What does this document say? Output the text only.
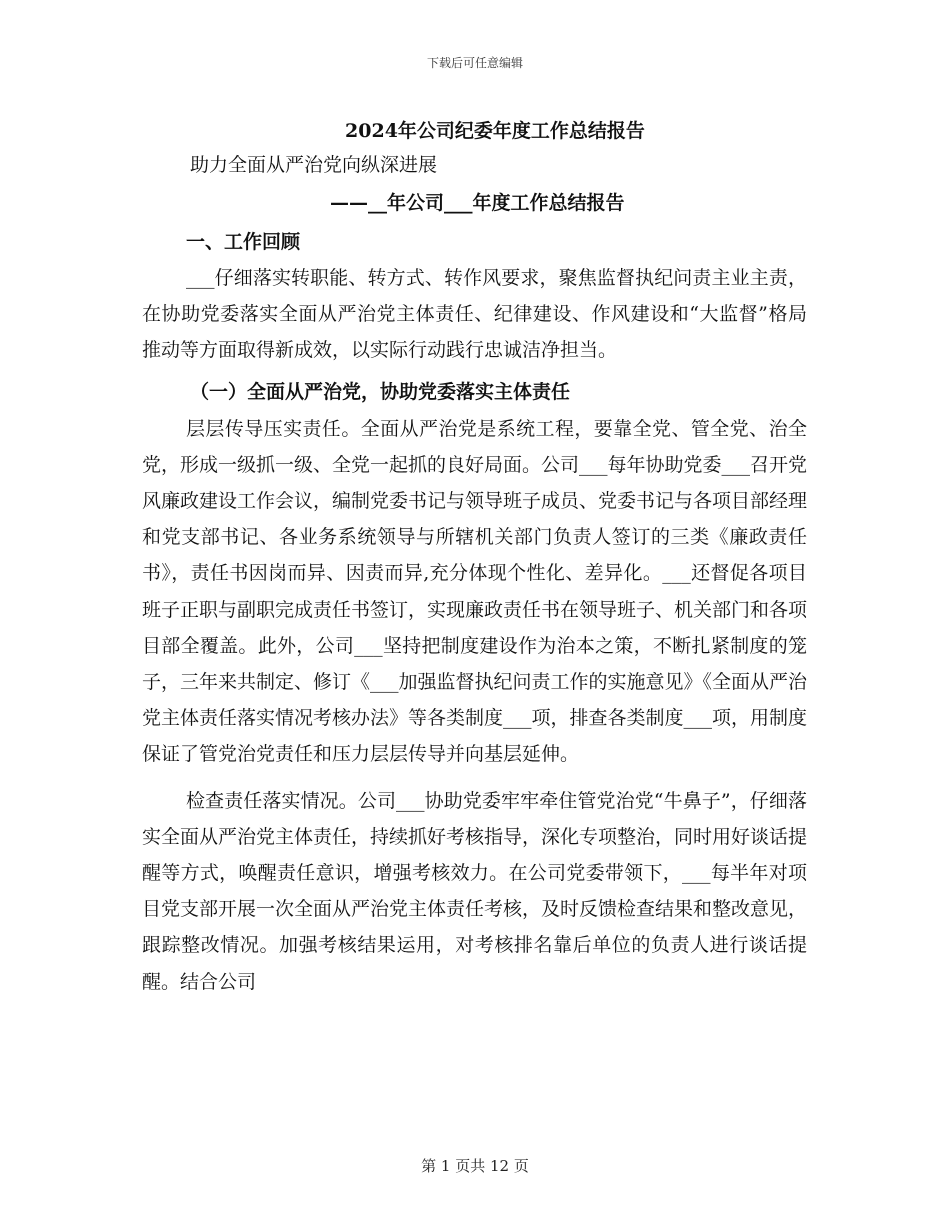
下载后可任意编辑
2024年公司纪委年度工作总结报告
助力全面从严治党向纵深进展
——__年公司___年度工作总结报告
一、工作回顾

___仔细落实转职能、转方式、转作风要求，聚焦监督执纪问责主业主责，在协助党委落实全面从严治党主体责任、纪律建设、作风建设和“大监督”格局推动等方面取得新成效，以实际行动践行忠诚洁净担当。

（一）全面从严治党，协助党委落实主体责任

层层传导压实责任。全面从严治党是系统工程，要靠全党、管全党、治全党，形成一级抓一级、全党一起抓的良好局面。公司___每年协助党委___召开党风廉政建设工作会议，编制党委书记与领导班子成员、党委书记与各项目部经理和党支部书记、各业务系统领导与所辖机关部门负责人签订的三类《廉政责任书》，责任书因岗而异、因责而异,充分体现个性化、差异化。___还督促各项目班子正职与副职完成责任书签订，实现廉政责任书在领导班子、机关部门和各项目部全覆盖。此外，公司___坚持把制度建设作为治本之策，不断扎紧制度的笼子，三年来共制定、修订《___加强监督执纪问责工作的实施意见》《全面从严治党主体责任落实情况考核办法》等各类制度___项，排查各类制度___项，用制度保证了管党治党责任和压力层层传导并向基层延伸。

检查责任落实情况。公司___协助党委牢牢牵住管党治党“牛鼻子”，仔细落实全面从严治党主体责任，持续抓好考核指导，深化专项整治，同时用好谈话提醒等方式，唤醒责任意识，增强考核效力。在公司党委带领下，___每半年对项目党支部开展一次全面从严治党主体责任考核，及时反馈检查结果和整改意见，跟踪整改情况。加强考核结果运用，对考核排名靠后单位的负责人进行谈话提醒。结合公司

第 1 页共 12 页
